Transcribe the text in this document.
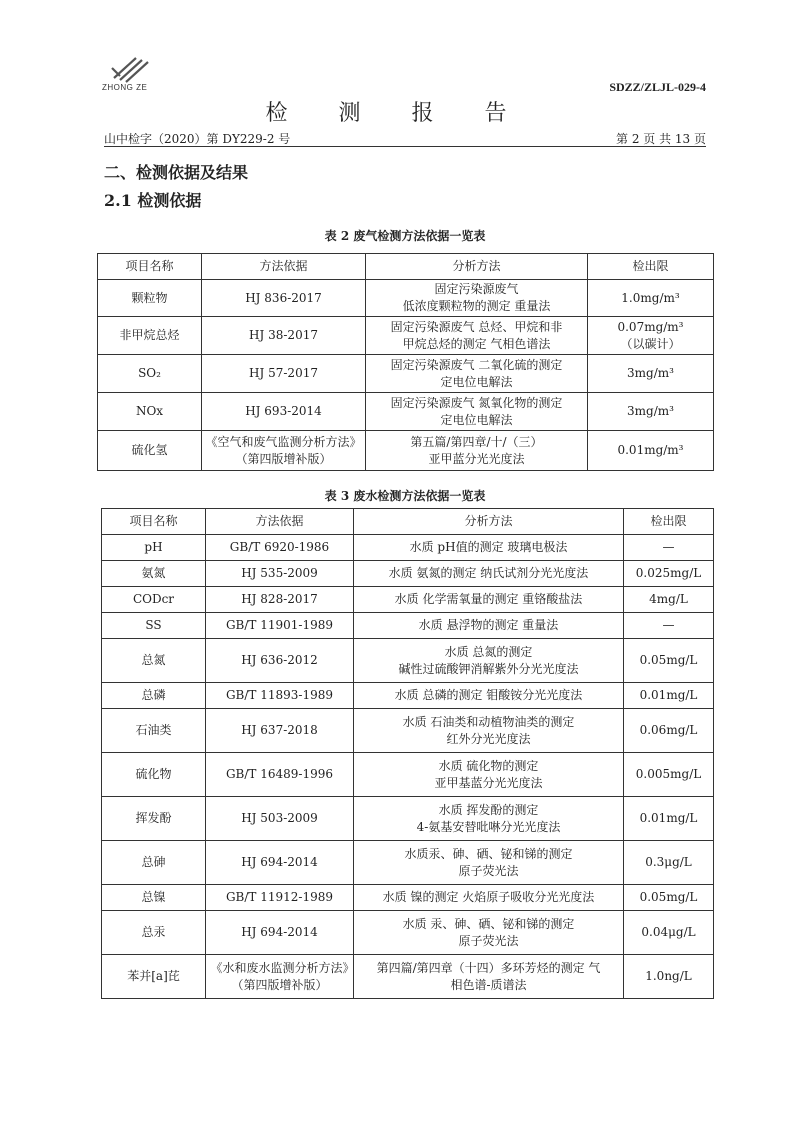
ZHONG ZE	SDZZ/ZLJL-029-4
检 测 报 告
山中检字（2020）第 DY229-2 号	第 2 页 共 13 页
二、检测依据及结果
2.1 检测依据
表 2 废气检测方法依据一览表
项目名称	方法依据	分析方法	检出限
颗粒物	HJ 836-2017	固定污染源废气
低浓度颗粒物的测定 重量法	1.0mg/m³

非甲烷总烃	HJ 38-2017	固定污染源废气 总烃、甲烷和非
甲烷总烃的测定 气相色谱法	0.07mg/m³
（以碳计）

SO₂	HJ 57-2017	固定污染源废气 二氧化硫的测定
定电位电解法	3mg/m³

NOx	HJ 693-2014	固定污染源废气 氮氧化物的测定
定电位电解法	3mg/m³

硫化氢	《空气和废气监测分析方法》（第四版增补版）	第五篇/第四章/十/（三）
亚甲蓝分光光度法	0.01mg/m³
表 3 废水检测方法依据一览表
项目名称	方法依据	分析方法	检出限
pH	GB/T 6920-1986	水质 pH值的测定 玻璃电极法	—
氨氮	HJ 535-2009	水质 氨氮的测定 纳氏试剂分光光度法	0.025mg/L
CODcr	HJ 828-2017	水质 化学需氧量的测定 重铬酸盐法	4mg/L
SS	GB/T 11901-1989	水质 悬浮物的测定 重量法	—
总氮	HJ 636-2012	水质 总氮的测定
碱性过硫酸钾消解紫外分光光度法	0.05mg/L
总磷	GB/T 11893-1989	水质 总磷的测定 钼酸铵分光光度法	0.01mg/L
石油类	HJ 637-2018	水质 石油类和动植物油类的测定
红外分光光度法	0.06mg/L
硫化物	GB/T 16489-1996	水质 硫化物的测定
亚甲基蓝分光光度法	0.005mg/L
挥发酚	HJ 503-2009	水质 挥发酚的测定
4-氨基安替吡啉分光光度法	0.01mg/L
总砷	HJ 694-2014	水质汞、砷、硒、铋和锑的测定
原子荧光法	0.3μg/L
总镍	GB/T 11912-1989	水质 镍的测定 火焰原子吸收分光光度法	0.05mg/L
总汞	HJ 694-2014	水质 汞、砷、硒、铋和锑的测定
原子荧光法	0.04μg/L
苯并[a]芘	《水和废水监测分析方法》（第四版增补版）	第四篇/第四章（十四）多环芳烃的测定 气
相色谱-质谱法	1.0ng/L
